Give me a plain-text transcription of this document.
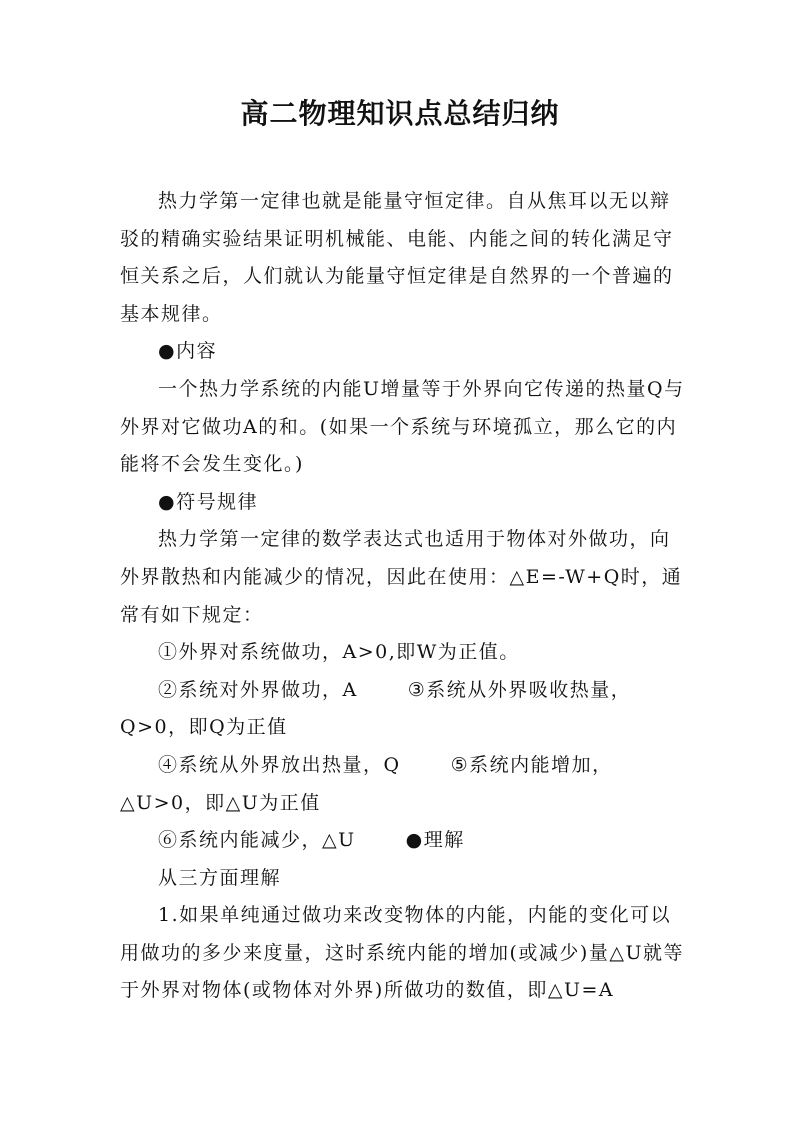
高二物理知识点总结归纳

热力学第一定律也就是能量守恒定律。自从焦耳以无以辩驳的精确实验结果证明机械能、电能、内能之间的转化满足守恒关系之后，人们就认为能量守恒定律是自然界的一个普遍的基本规律。

●内容

一个热力学系统的内能U增量等于外界向它传递的热量Q与外界对它做功A的和。(如果一个系统与环境孤立，那么它的内能将不会发生变化。)

●符号规律

热力学第一定律的数学表达式也适用于物体对外做功，向外界散热和内能减少的情况，因此在使用：△E=-W+Q时，通常有如下规定：

①外界对系统做功，A>0,即W为正值。

②系统对外界做功，A	③系统从外界吸收热量，Q>0，即Q为正值

④系统从外界放出热量，Q	⑤系统内能增加，△U>0，即△U为正值

⑥系统内能减少，△U	●理解

从三方面理解

1.如果单纯通过做功来改变物体的内能，内能的变化可以用做功的多少来度量，这时系统内能的增加(或减少)量△U就等于外界对物体(或物体对外界)所做功的数值，即△U=A
